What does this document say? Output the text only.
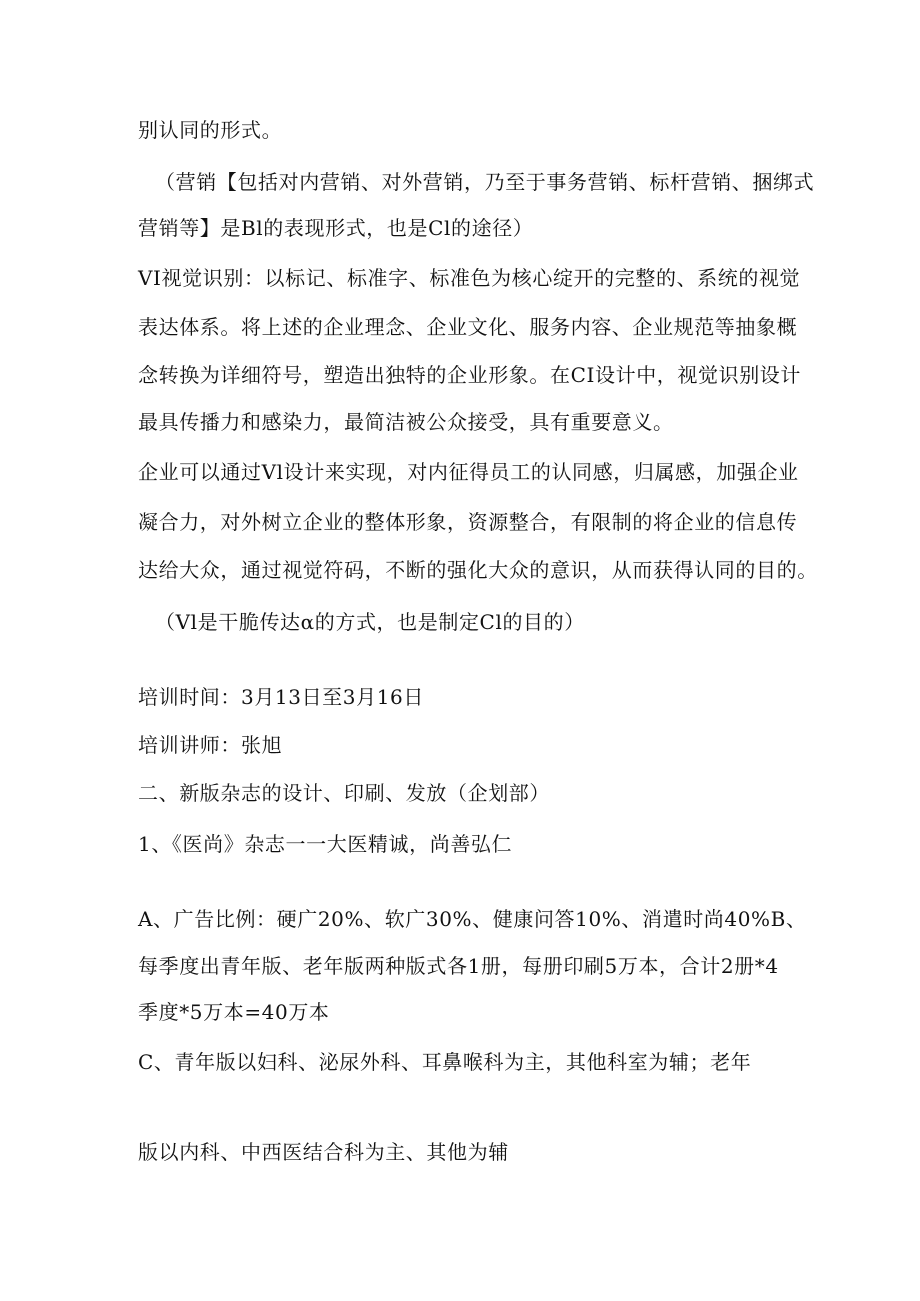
别认同的形式。
（营销【包括对内营销、对外营销，乃至于事务营销、标杆营销、捆绑式
营销等】是Bl的表现形式，也是Cl的途径）
VI视觉识别：以标记、标准字、标准色为核心绽开的完整的、系统的视觉
表达体系。将上述的企业理念、企业文化、服务内容、企业规范等抽象概
念转换为详细符号，塑造出独特的企业形象。在CI设计中，视觉识别设计
最具传播力和感染力，最简洁被公众接受，具有重要意义。
企业可以通过Vl设计来实现，对内征得员工的认同感，归属感，加强企业
凝合力，对外树立企业的整体形象，资源整合，有限制的将企业的信息传
达给大众，通过视觉符码，不断的强化大众的意识，从而获得认同的目的。
（Vl是干脆传达α的方式，也是制定Cl的目的）
培训时间：3月13日至3月16日
培训讲师：张旭
二、新版杂志的设计、印刷、发放（企划部）
1、《医尚》杂志一一大医精诚，尚善弘仁
A、广告比例：硬广20%、软广30%、健康问答10%、消遣时尚40%B、
每季度出青年版、老年版两种版式各1册，每册印刷5万本，合计2册*4
季度*5万本=40万本
C、青年版以妇科、泌尿外科、耳鼻喉科为主，其他科室为辅；老年
版以内科、中西医结合科为主、其他为辅
